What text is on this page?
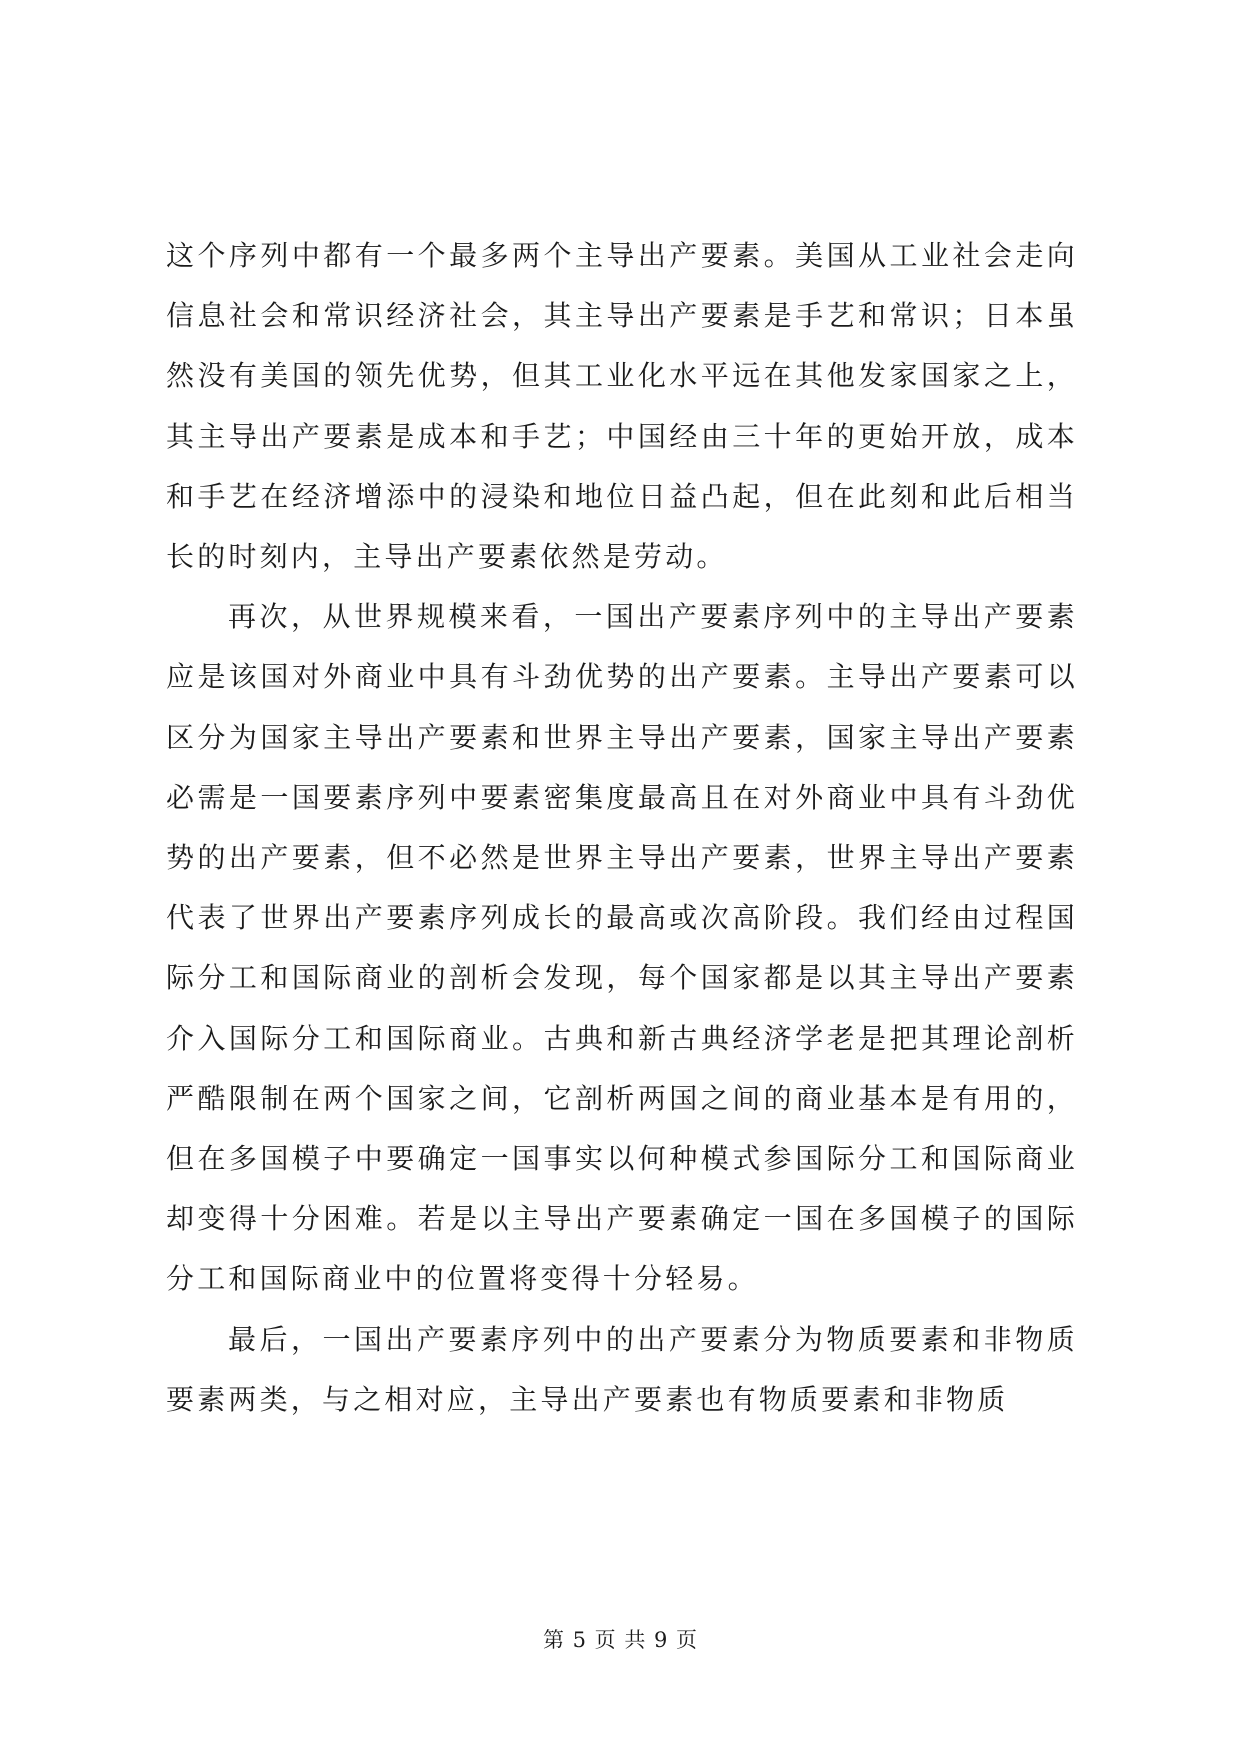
这个序列中都有一个最多两个主导出产要素。美国从工业社会走向信息社会和常识经济社会，其主导出产要素是手艺和常识；日本虽然没有美国的领先优势，但其工业化水平远在其他发家国家之上，其主导出产要素是成本和手艺；中国经由三十年的更始开放，成本和手艺在经济增添中的浸染和地位日益凸起，但在此刻和此后相当长的时刻内，主导出产要素依然是劳动。

再次，从世界规模来看，一国出产要素序列中的主导出产要素应是该国对外商业中具有斗劲优势的出产要素。主导出产要素可以区分为国家主导出产要素和世界主导出产要素，国家主导出产要素必需是一国要素序列中要素密集度最高且在对外商业中具有斗劲优势的出产要素，但不必然是世界主导出产要素，世界主导出产要素代表了世界出产要素序列成长的最高或次高阶段。我们经由过程国际分工和国际商业的剖析会发现，每个国家都是以其主导出产要素介入国际分工和国际商业。古典和新古典经济学老是把其理论剖析严酷限制在两个国家之间，它剖析两国之间的商业基本是有用的，但在多国模子中要确定一国事实以何种模式参国际分工和国际商业却变得十分困难。若是以主导出产要素确定一国在多国模子的国际分工和国际商业中的位置将变得十分轻易。

最后，一国出产要素序列中的出产要素分为物质要素和非物质要素两类，与之相对应，主导出产要素也有物质要素和非物质

第 5 页 共 9 页
